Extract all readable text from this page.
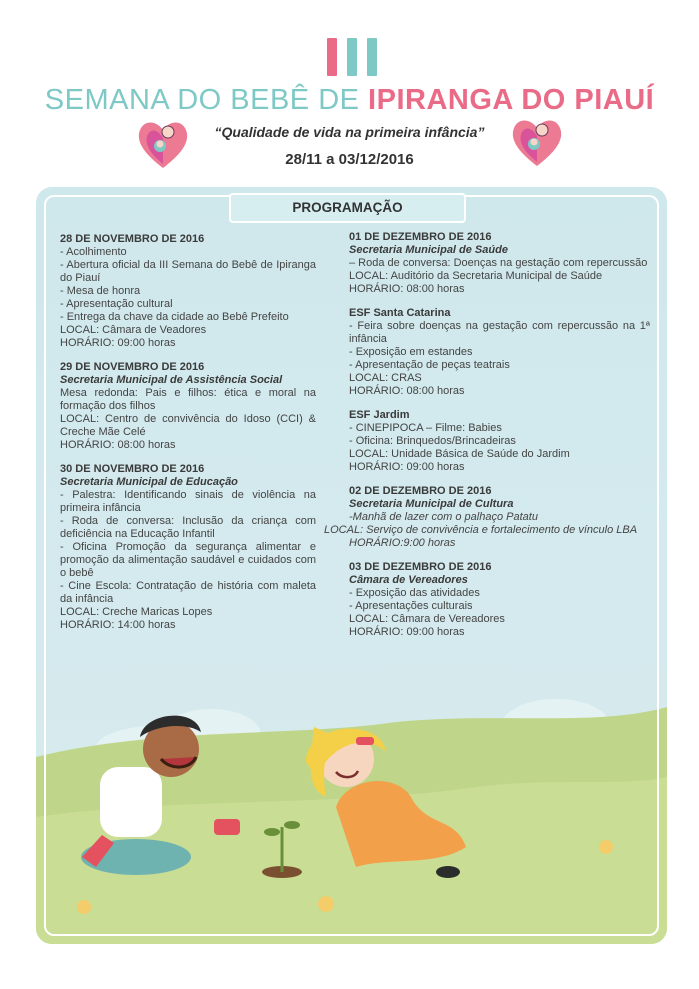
SEMANA DO BEBÊ DE IPIRANGA DO PIAUÍ
“Qualidade de vida na primeira infância”
28/11 a 03/12/2016
PROGRAMAÇÃO
28 DE NOVEMBRO DE 2016
- Acolhimento
- Abertura oficial da III Semana do Bebê de Ipiranga do Piauí
- Mesa de honra
- Apresentação cultural
- Entrega da chave da cidade ao Bebê Prefeito
LOCAL: Câmara de Veadores
HORÁRIO: 09:00 horas
29 DE NOVEMBRO DE 2016
Secretaria Municipal de Assistência Social
Mesa redonda: Pais e filhos: ética e moral na formação dos filhos
LOCAL: Centro de convivência do Idoso (CCI) & Creche Mãe Celé
HORÁRIO: 08:00 horas
30 DE NOVEMBRO DE 2016
Secretaria Municipal de Educação
- Palestra: Identificando sinais de violência na primeira infância
- Roda de conversa: Inclusão da criança com deficiência na Educação Infantil
- Oficina Promoção da segurança alimentar e promoção da alimentação saudável e cuidados com o bebê
- Cine Escola: Contratação de história com maleta da infância
LOCAL: Creche Maricas Lopes
HORÁRIO: 14:00 horas
01 DE DEZEMBRO DE 2016
Secretaria Municipal de Saúde
– Roda de conversa: Doenças na gestação com repercussão
LOCAL: Auditório da Secretaria Municipal de Saúde
HORÁRIO: 08:00 horas
ESF Santa Catarina
- Feira sobre doenças na gestação com repercussão na 1ª infância
- Exposição em estandes
- Apresentação de peças teatrais
LOCAL: CRAS
HORÁRIO: 08:00 horas
ESF Jardim
- CINEPIPOCA – Filme: Babies
- Oficina: Brinquedos/Brincadeiras
LOCAL: Unidade Básica de Saúde do Jardim
HORÁRIO: 09:00 horas
02 DE DEZEMBRO DE 2016
Secretaria Municipal de Cultura
-Manhã de lazer com o palhaço Patatu
LOCAL: Serviço de convivência e fortalecimento de vínculo LBA
HORÁRIO:9:00 horas
03 DE DEZEMBRO DE 2016
Câmara de Vereadores
- Exposição das atividades
- Apresentações culturais
LOCAL: Câmara de Vereadores
HORÁRIO: 09:00 horas
